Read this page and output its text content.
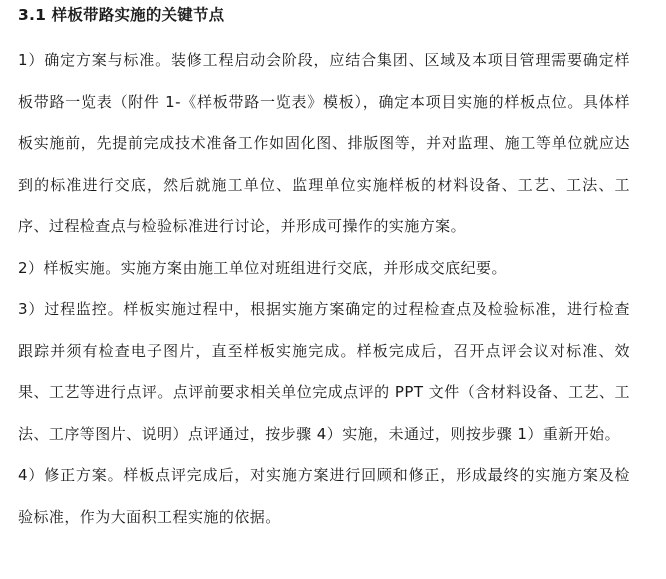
3.1 样板带路实施的关键节点

1）确定方案与标准。装修工程启动会阶段，应结合集团、区域及本项目管理需要确定样板带路一览表（附件 1-《样板带路一览表》模板），确定本项目实施的样板点位。具体样板实施前，先提前完成技术准备工作如固化图、排版图等，并对监理、施工等单位就应达到的标准进行交底，然后就施工单位、监理单位实施样板的材料设备、工艺、工法、工序、过程检查点与检验标准进行讨论，并形成可操作的实施方案。

2）样板实施。实施方案由施工单位对班组进行交底，并形成交底纪要。

3）过程监控。样板实施过程中，根据实施方案确定的过程检查点及检验标准，进行检查跟踪并须有检查电子图片，直至样板实施完成。样板完成后，召开点评会议对标准、效果、工艺等进行点评。点评前要求相关单位完成点评的 PPT 文件（含材料设备、工艺、工法、工序等图片、说明）点评通过，按步骤 4）实施，未通过，则按步骤 1）重新开始。

4）修正方案。样板点评完成后，对实施方案进行回顾和修正，形成最终的实施方案及检验标准，作为大面积工程实施的依据。
